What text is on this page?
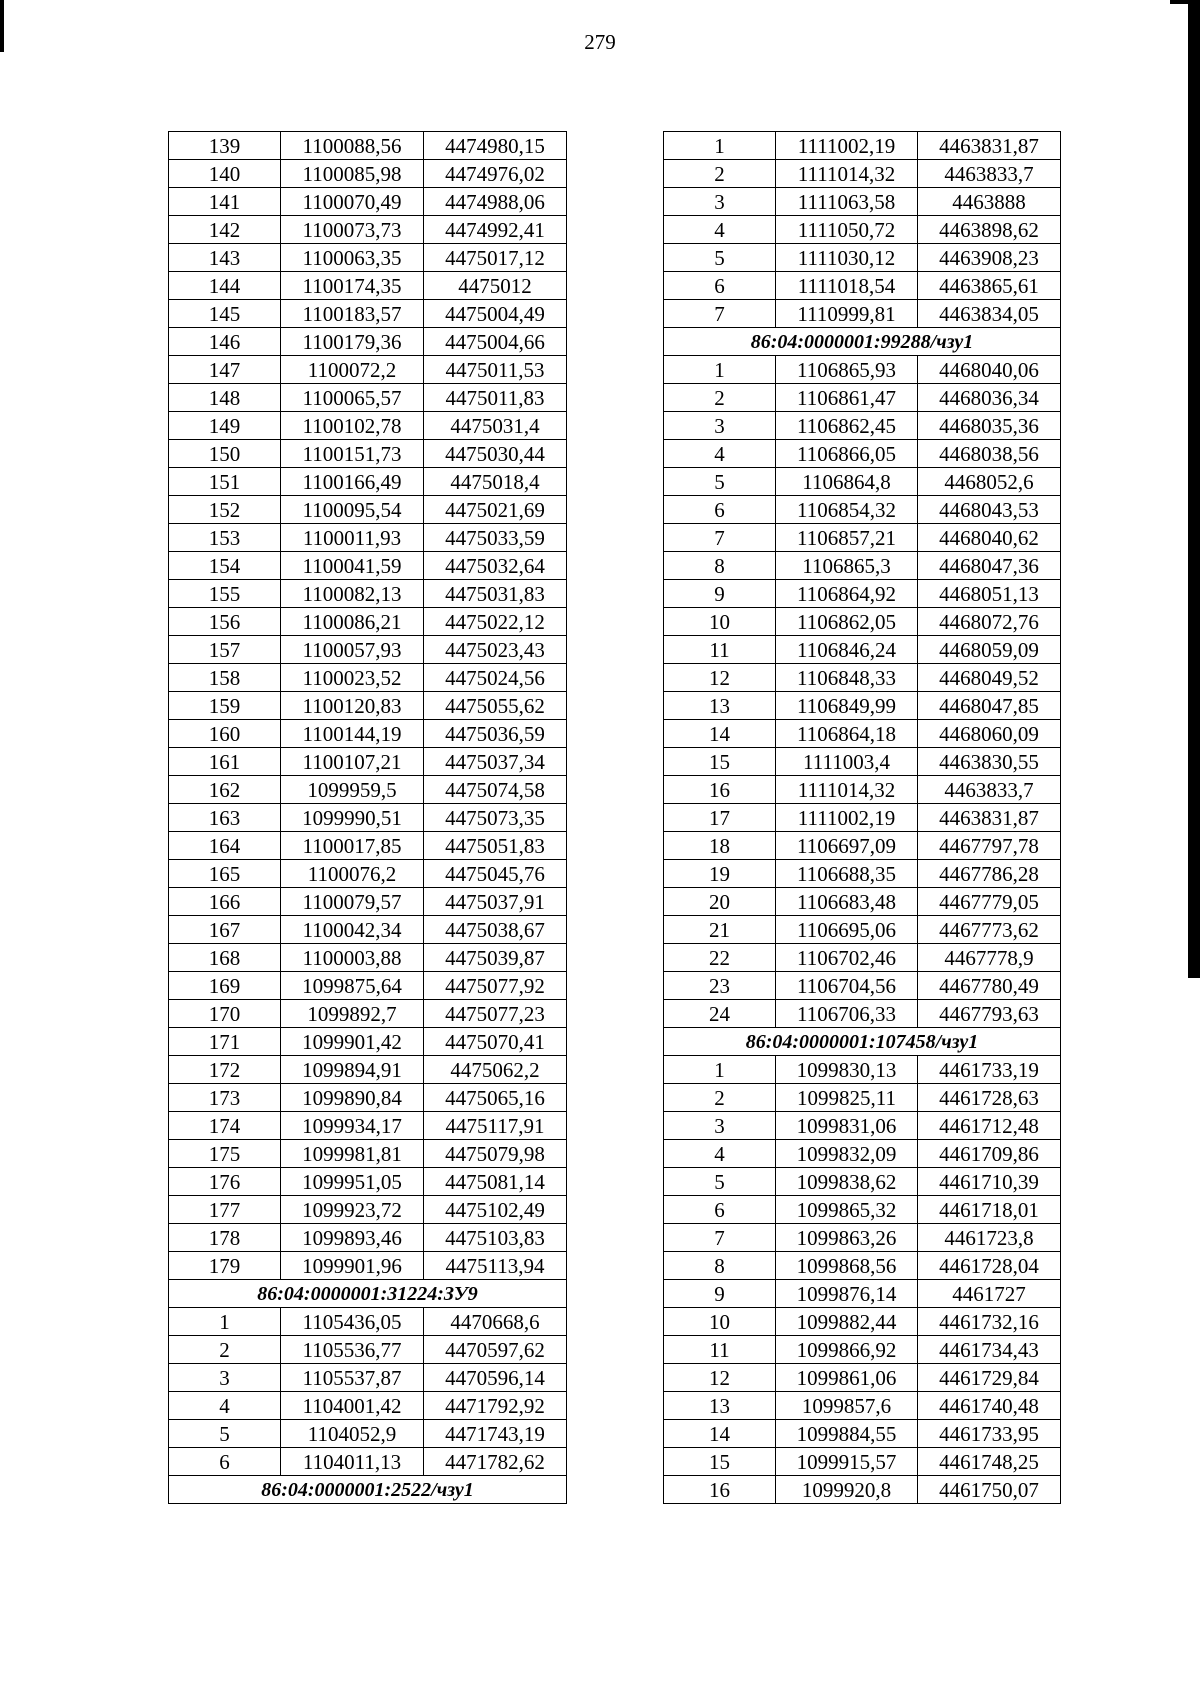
279
139	1100088,56	4474980,15
140	1100085,98	4474976,02
141	1100070,49	4474988,06
142	1100073,73	4474992,41
143	1100063,35	4475017,12
144	1100174,35	4475012
145	1100183,57	4475004,49
146	1100179,36	4475004,66
147	1100072,2	4475011,53
148	1100065,57	4475011,83
149	1100102,78	4475031,4
150	1100151,73	4475030,44
151	1100166,49	4475018,4
152	1100095,54	4475021,69
153	1100011,93	4475033,59
154	1100041,59	4475032,64
155	1100082,13	4475031,83
156	1100086,21	4475022,12
157	1100057,93	4475023,43
158	1100023,52	4475024,56
159	1100120,83	4475055,62
160	1100144,19	4475036,59
161	1100107,21	4475037,34
162	1099959,5	4475074,58
163	1099990,51	4475073,35
164	1100017,85	4475051,83
165	1100076,2	4475045,76
166	1100079,57	4475037,91
167	1100042,34	4475038,67
168	1100003,88	4475039,87
169	1099875,64	4475077,92
170	1099892,7	4475077,23
171	1099901,42	4475070,41
172	1099894,91	4475062,2
173	1099890,84	4475065,16
174	1099934,17	4475117,91
175	1099981,81	4475079,98
176	1099951,05	4475081,14
177	1099923,72	4475102,49
178	1099893,46	4475103,83
179	1099901,96	4475113,94
86:04:0000001:31224:ЗУ9		
1	1105436,05	4470668,6
2	1105536,77	4470597,62
3	1105537,87	4470596,14
4	1104001,42	4471792,92
5	1104052,9	4471743,19
6	1104011,13	4471782,62
86:04:0000001:2522/чзу1		
1	1111002,19	4463831,87
2	1111014,32	4463833,7
3	1111063,58	4463888
4	1111050,72	4463898,62
5	1111030,12	4463908,23
6	1111018,54	4463865,61
7	1110999,81	4463834,05
86:04:0000001:99288/чзу1		
1	1106865,93	4468040,06
2	1106861,47	4468036,34
3	1106862,45	4468035,36
4	1106866,05	4468038,56
5	1106864,8	4468052,6
6	1106854,32	4468043,53
7	1106857,21	4468040,62
8	1106865,3	4468047,36
9	1106864,92	4468051,13
10	1106862,05	4468072,76
11	1106846,24	4468059,09
12	1106848,33	4468049,52
13	1106849,99	4468047,85
14	1106864,18	4468060,09
15	1111003,4	4463830,55
16	1111014,32	4463833,7
17	1111002,19	4463831,87
18	1106697,09	4467797,78
19	1106688,35	4467786,28
20	1106683,48	4467779,05
21	1106695,06	4467773,62
22	1106702,46	4467778,9
23	1106704,56	4467780,49
24	1106706,33	4467793,63
86:04:0000001:107458/чзу1		
1	1099830,13	4461733,19
2	1099825,11	4461728,63
3	1099831,06	4461712,48
4	1099832,09	4461709,86
5	1099838,62	4461710,39
6	1099865,32	4461718,01
7	1099863,26	4461723,8
8	1099868,56	4461728,04
9	1099876,14	4461727
10	1099882,44	4461732,16
11	1099866,92	4461734,43
12	1099861,06	4461729,84
13	1099857,6	4461740,48
14	1099884,55	4461733,95
15	1099915,57	4461748,25
16	1099920,8	4461750,07
